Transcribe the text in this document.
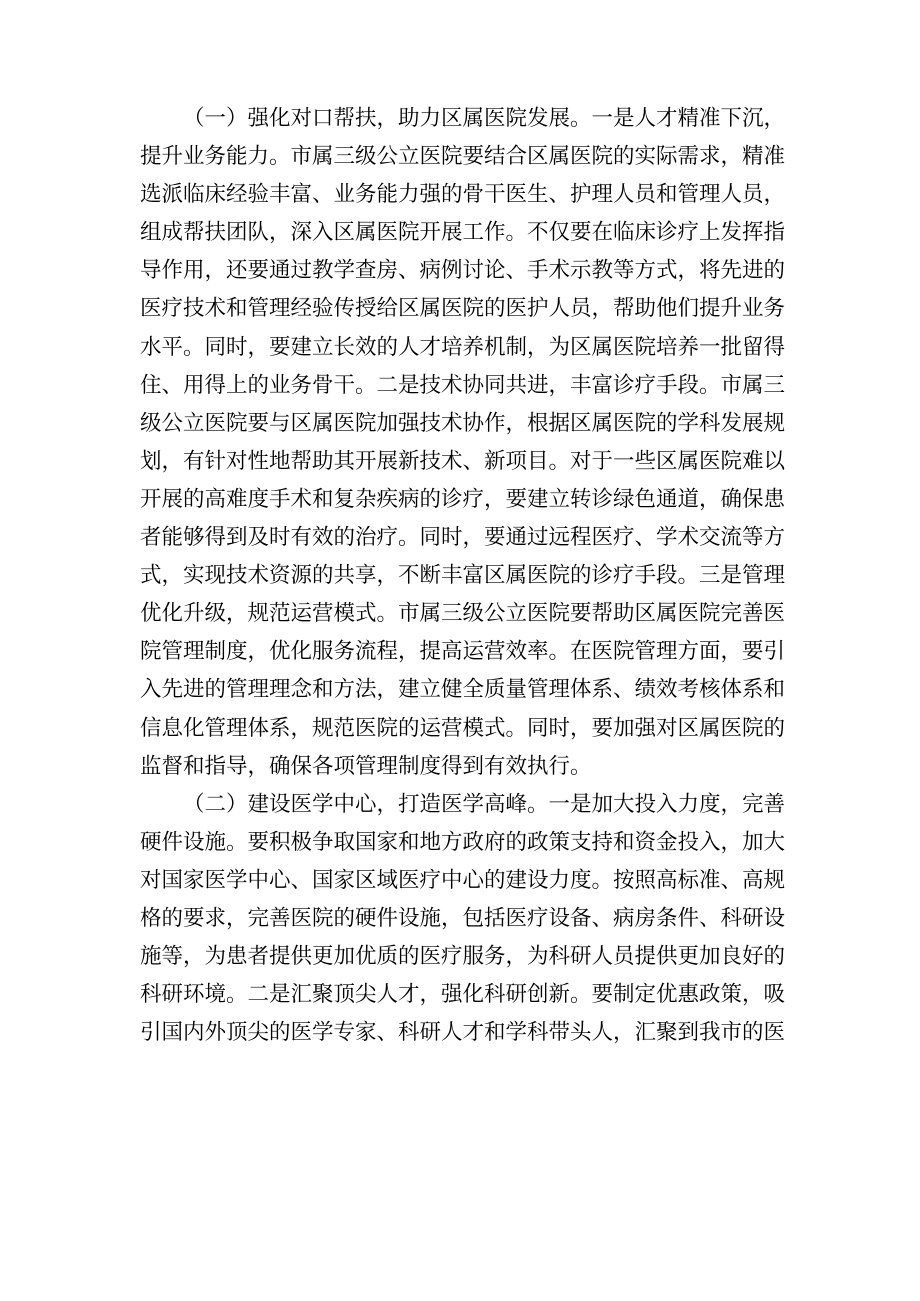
（一）强化对口帮扶，助力区属医院发展。一是人才精准下沉，提升业务能力。市属三级公立医院要结合区属医院的实际需求，精准选派临床经验丰富、业务能力强的骨干医生、护理人员和管理人员，组成帮扶团队，深入区属医院开展工作。不仅要在临床诊疗上发挥指导作用，还要通过教学查房、病例讨论、手术示教等方式，将先进的医疗技术和管理经验传授给区属医院的医护人员，帮助他们提升业务水平。同时，要建立长效的人才培养机制，为区属医院培养一批留得住、用得上的业务骨干。二是技术协同共进，丰富诊疗手段。市属三级公立医院要与区属医院加强技术协作，根据区属医院的学科发展规划，有针对性地帮助其开展新技术、新项目。对于一些区属医院难以开展的高难度手术和复杂疾病的诊疗，要建立转诊绿色通道，确保患者能够得到及时有效的治疗。同时，要通过远程医疗、学术交流等方式，实现技术资源的共享，不断丰富区属医院的诊疗手段。三是管理优化升级，规范运营模式。市属三级公立医院要帮助区属医院完善医院管理制度，优化服务流程，提高运营效率。在医院管理方面，要引入先进的管理理念和方法，建立健全质量管理体系、绩效考核体系和信息化管理体系，规范医院的运营模式。同时，要加强对区属医院的监督和指导，确保各项管理制度得到有效执行。

（二）建设医学中心，打造医学高峰。一是加大投入力度，完善硬件设施。要积极争取国家和地方政府的政策支持和资金投入，加大对国家医学中心、国家区域医疗中心的建设力度。按照高标准、高规格的要求，完善医院的硬件设施，包括医疗设备、病房条件、科研设施等，为患者提供更加优质的医疗服务，为科研人员提供更加良好的科研环境。二是汇聚顶尖人才，强化科研创新。要制定优惠政策，吸引国内外顶尖的医学专家、科研人才和学科带头人，汇聚到我市的医
